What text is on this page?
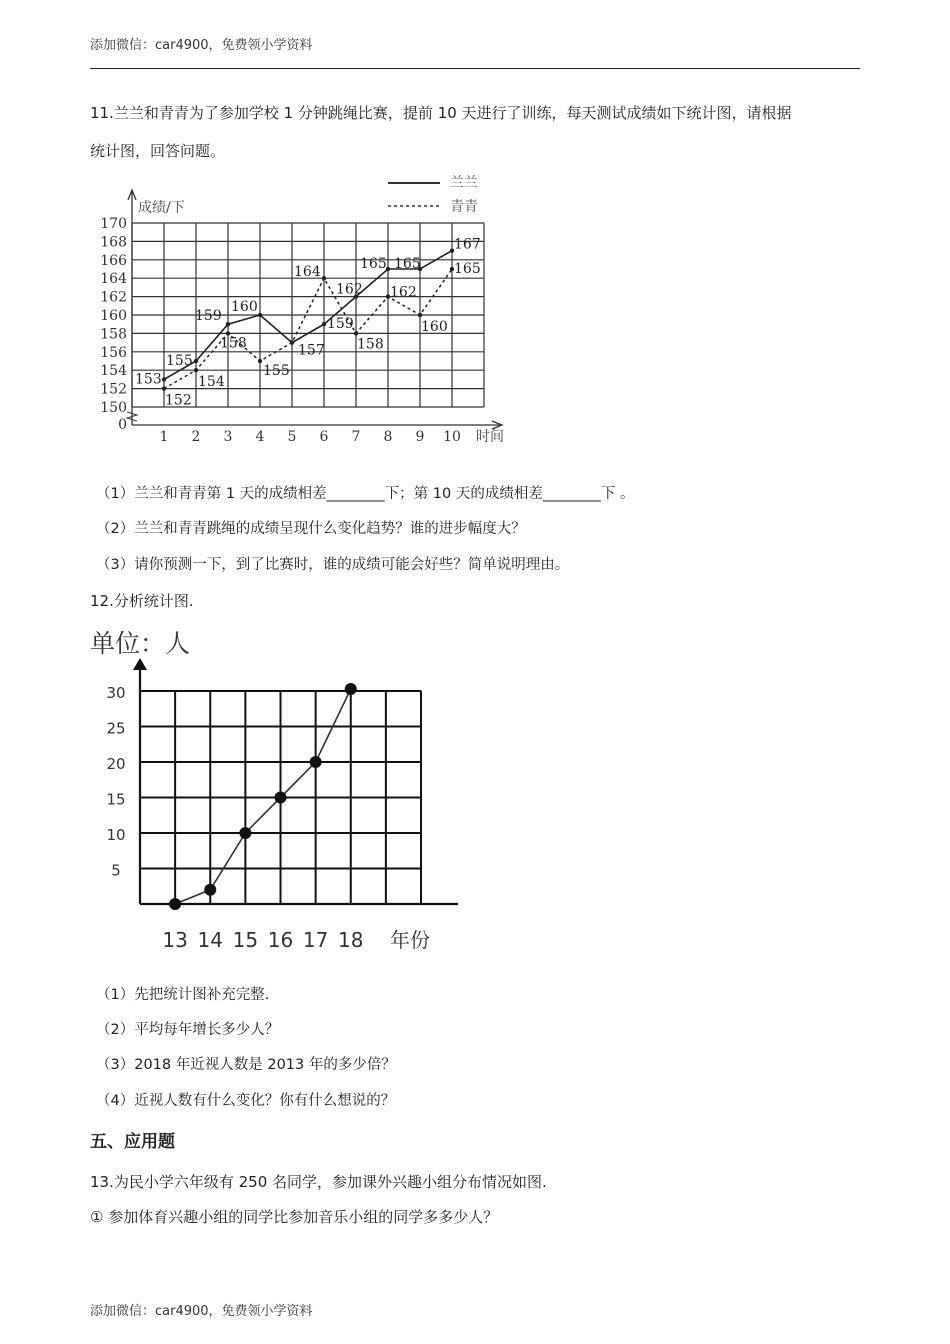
添加微信：car4900，免费领小学资料
11.兰兰和青青为了参加学校 1 分钟跳绳比赛，提前 10 天进行了训练，每天测试成绩如下统计图，请根据
统计图，回答问题。
0
150
152
154
156
158
160
162
164
166
168
170
1 2 3 4 5 6 7 8 9 10
153
155
159
160
157
159
162
165 165
167
152
154
158
155
164
158
162
160
165
成绩/下
时间
兰兰
青青
（1）兰兰和青青第 1 天的成绩相差________下；第 10 天的成绩相差________下 。
（2）兰兰和青青跳绳的成绩呈现什么变化趋势？谁的进步幅度大？
（3）请你预测一下，到了比赛时，谁的成绩可能会好些？简单说明理由。
12.分析统计图.
单位：人
5
10
15
20
25
30
13 14 15 16 17 18 年份
（1）先把统计图补充完整.
（2）平均每年增长多少人？
（3）2018 年近视人数是 2013 年的多少倍？
（4）近视人数有什么变化？你有什么想说的？
五、应用题
13.为民小学六年级有 250 名同学，参加课外兴趣小组分布情况如图.
① 参加体育兴趣小组的同学比参加音乐小组的同学多多少人？
添加微信：car4900，免费领小学资料
